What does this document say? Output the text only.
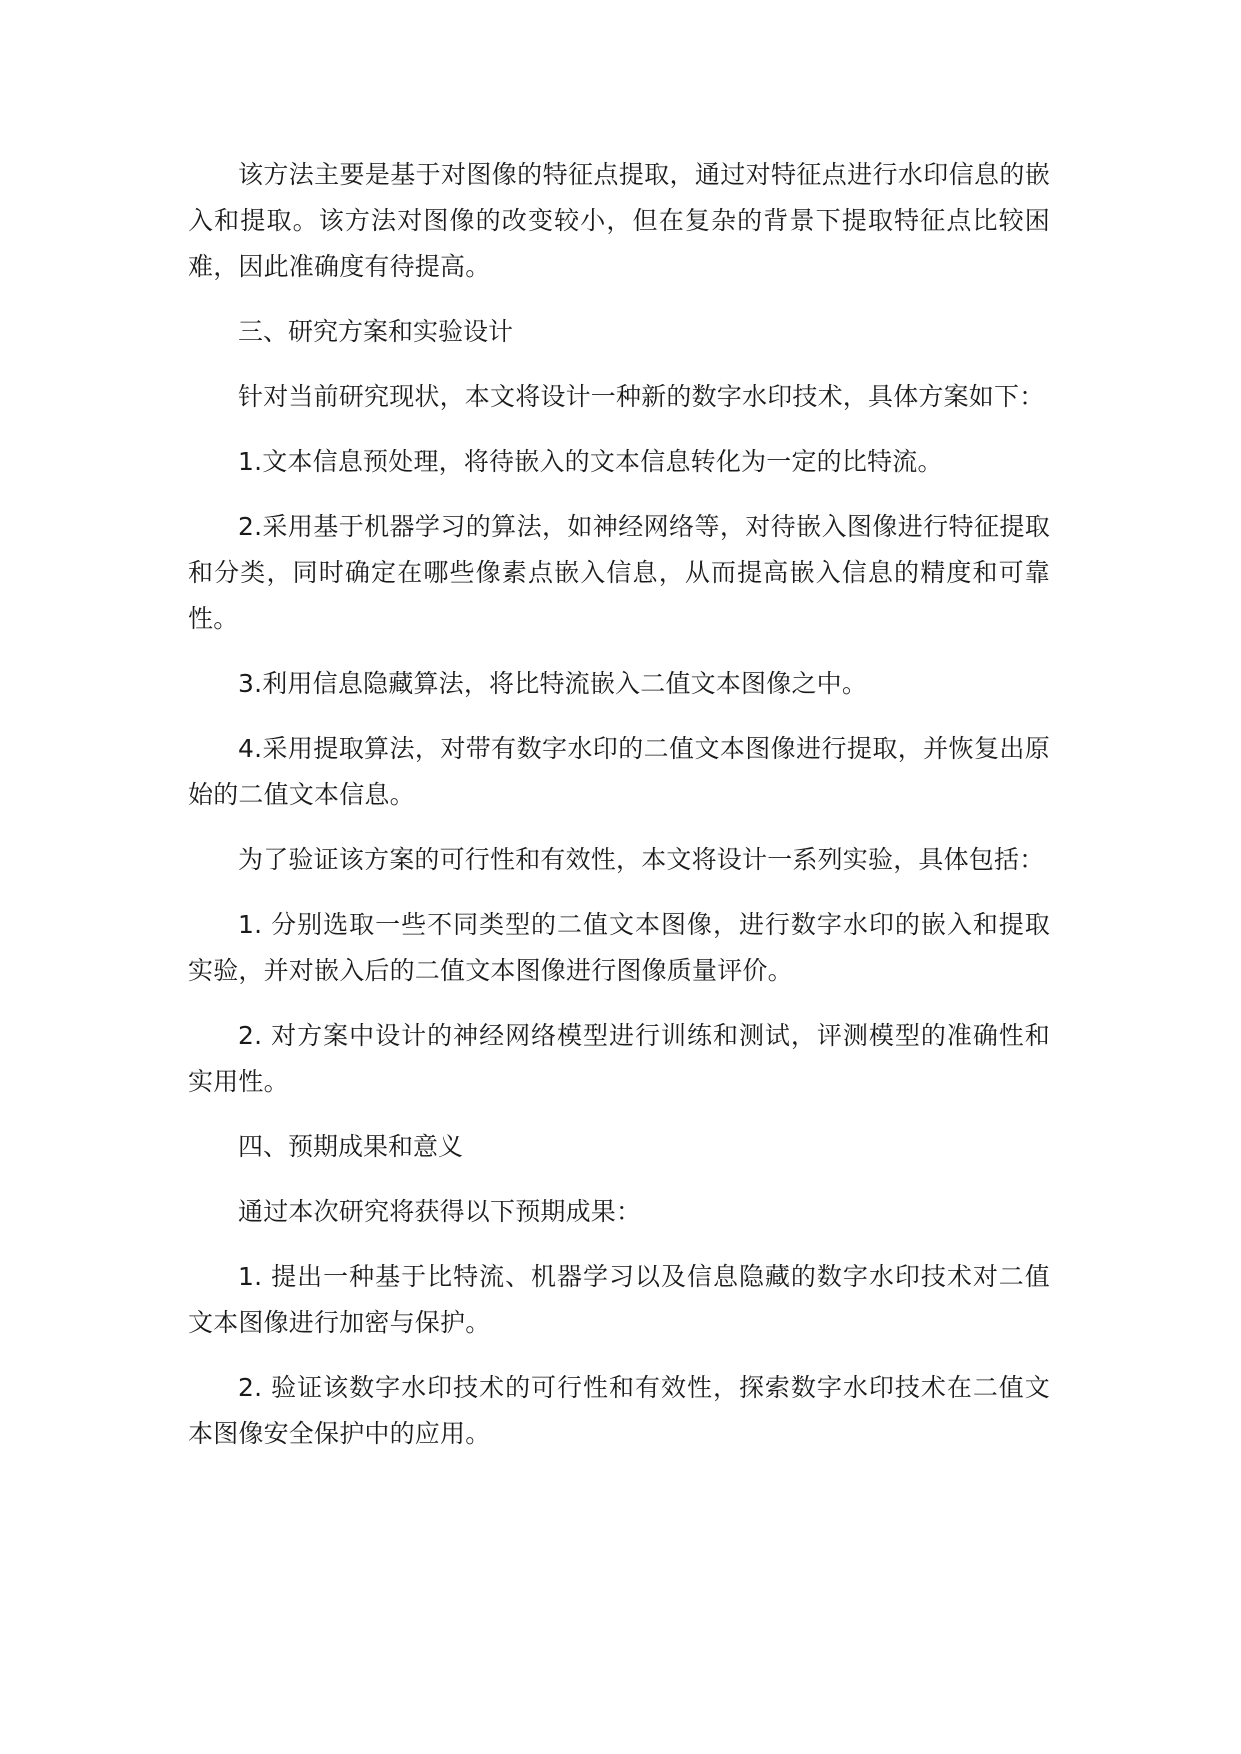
该方法主要是基于对图像的特征点提取，通过对特征点进行水印信息的嵌入和提取。该方法对图像的改变较小，但在复杂的背景下提取特征点比较困难，因此准确度有待提高。

三、研究方案和实验设计

针对当前研究现状，本文将设计一种新的数字水印技术，具体方案如下：

1.文本信息预处理，将待嵌入的文本信息转化为一定的比特流。

2.采用基于机器学习的算法，如神经网络等，对待嵌入图像进行特征提取和分类，同时确定在哪些像素点嵌入信息，从而提高嵌入信息的精度和可靠性。

3.利用信息隐藏算法，将比特流嵌入二值文本图像之中。

4.采用提取算法，对带有数字水印的二值文本图像进行提取，并恢复出原始的二值文本信息。

为了验证该方案的可行性和有效性，本文将设计一系列实验，具体包括：

1. 分别选取一些不同类型的二值文本图像，进行数字水印的嵌入和提取实验，并对嵌入后的二值文本图像进行图像质量评价。

2. 对方案中设计的神经网络模型进行训练和测试，评测模型的准确性和实用性。

四、预期成果和意义

通过本次研究将获得以下预期成果：

1. 提出一种基于比特流、机器学习以及信息隐藏的数字水印技术对二值文本图像进行加密与保护。

2. 验证该数字水印技术的可行性和有效性，探索数字水印技术在二值文本图像安全保护中的应用。
